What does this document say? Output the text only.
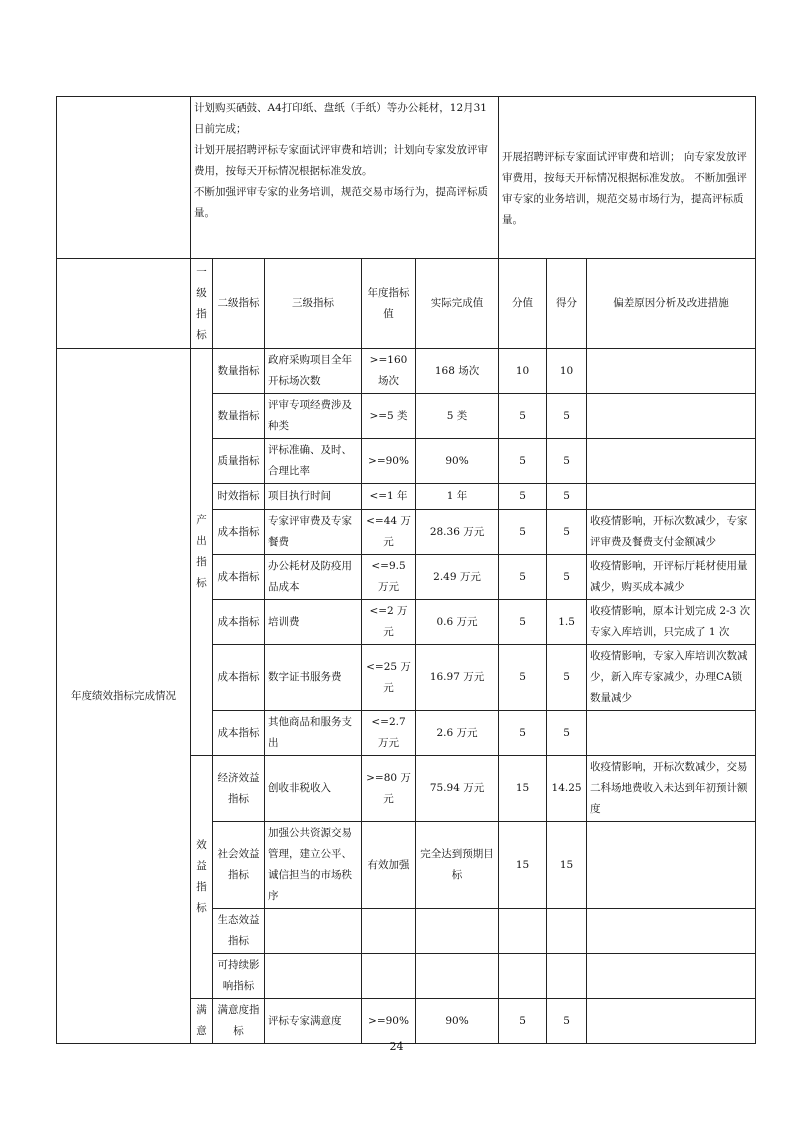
	计划购买硒鼓、A4打印纸、盘纸（手纸）等办公耗材，12月31日前完成；
计划开展招聘评标专家面试评审费和培训；计划向专家发放评审费用，按每天开标情况根据标准发放。
不断加强评审专家的业务培训，规范交易市场行为，提高评标质量。					开展招聘评标专家面试评审费和培训； 向专家发放评审费用，按每天开标情况根据标准发放。 不断加强评审专家的业务培训，规范交易市场行为，提高评标质量。		

	一级指标	二级指标	三级指标	年度指标值	实际完成值	分值	得分	偏差原因分析及改进措施
年度绩效指标完成情况	产出指标	数量指标	政府采购项目全年开标场次数	>=160 场次	168 场次	10	10	
		数量指标	评审专项经费涉及种类	>=5 类	5 类	5	5	
		质量指标	评标准确、及时、合理比率	>=90%	90%	5	5	
		时效指标	项目执行时间	<=1 年	1 年	5	5	
		成本指标	专家评审费及专家餐费	<=44 万元	28.36 万元	5	5	收疫情影响，开标次数减少，专家评审费及餐费支付金额减少
		成本指标	办公耗材及防疫用品成本	<=9.5 万元	2.49 万元	5	5	收疫情影响，开评标厅耗材使用量减少，购买成本减少
		成本指标	培训费	<=2 万元	0.6 万元	5	1.5	收疫情影响，原本计划完成 2-3 次专家入库培训，只完成了 1 次
		成本指标	数字证书服务费	<=25 万元	16.97 万元	5	5	收疫情影响，专家入库培训次数减少，新入库专家减少，办理CA锁数量减少
		成本指标	其他商品和服务支出	<=2.7 万元	2.6 万元	5	5	

	效益指标	经济效益指标	创收非税收入	>=80 万元	75.94 万元	15	14.25	收疫情影响，开标次数减少，交易二科场地费收入未达到年初预计额度
		社会效益指标	加强公共资源交易管理，建立公平、诚信担当的市场秩序	有效加强	完全达到预期目标	15	15	
		生态效益指标						
		可持续影响指标						

	满意	满意度指标	评标专家满意度	>=90%	90%	5	5	
24
